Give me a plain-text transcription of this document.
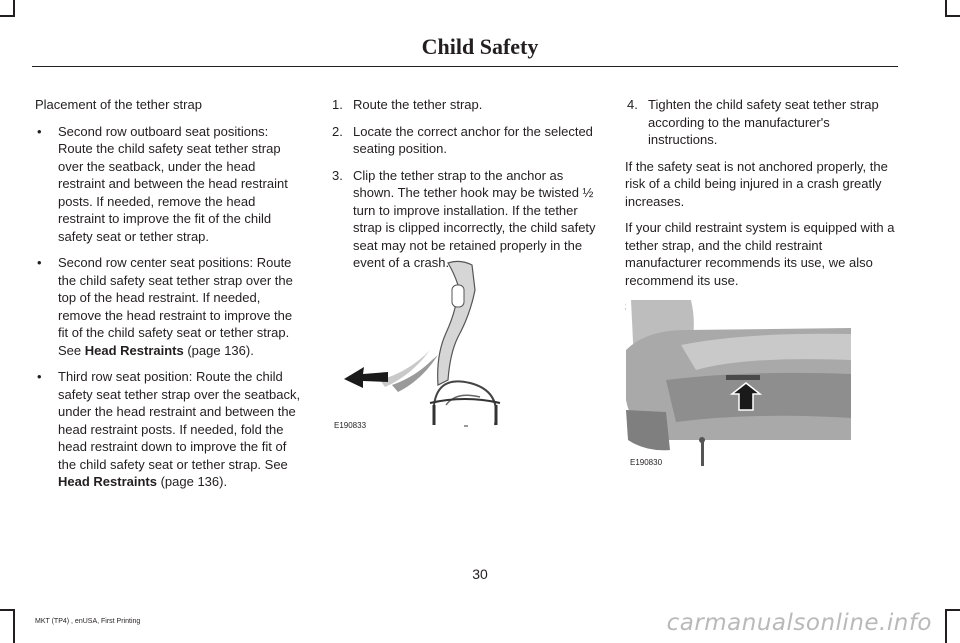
Child Safety

Placement of the tether strap

• Second row outboard seat positions: Route the child safety seat tether strap over the seatback, under the head restraint and between the head restraint posts. If needed, remove the head restraint to improve the fit of the child safety seat or tether strap.
• Second row center seat positions: Route the child safety seat tether strap over the top of the head restraint. If needed, remove the head restraint to improve the fit of the child safety seat or tether strap. See Head Restraints (page 136).
• Third row seat position: Route the child safety seat tether strap over the seatback, under the head restraint and between the head restraint posts. If needed, fold the head restraint down to improve the fit of the child safety seat or tether strap. See Head Restraints (page 136).
1. Route the tether strap.
2. Locate the correct anchor for the selected seating position.
3. Clip the tether strap to the anchor as shown. The tether hook may be twisted ½ turn to improve installation. If the tether strap is clipped incorrectly, the child safety seat may not be retained properly in the event of a crash.
E190833
4. Tighten the child safety seat tether strap according to the manufacturer's instructions.

If the safety seat is not anchored properly, the risk of a child being injured in a crash greatly increases.

If your child restraint system is equipped with a tether strap, and the child restraint manufacturer recommends its use, we also recommend its use.

E190830
30
MKT (TP4) , enUSA, First Printing	carmanualsonline.info
